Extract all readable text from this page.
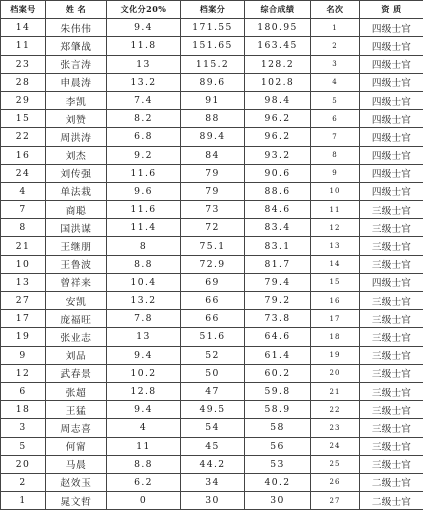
档案号	姓 名	文化分20%	档案分	综合成绩	名次	资 质
14	朱伟伟	9.4	171.55	180.95	1	四级士官
11	郑肇战	11.8	151.65	163.45	2	四级士官
23	张言涛	13	115.2	128.2	3	四级士官
28	申晨涛	13.2	89.6	102.8	4	四级士官
29	李凯	7.4	91	98.4	5	四级士官
15	刘赞	8.2	88	96.2	6	四级士官
22	周洪涛	6.8	89.4	96.2	7	四级士官
16	刘杰	9.2	84	93.2	8	四级士官
24	刘传强	11.6	79	90.6	9	四级士官
4	单法栽	9.6	79	88.6	10	四级士官
7	商聪	11.6	73	84.6	11	三级士官
8	国洪谋	11.4	72	83.4	12	三级士官
21	王继朋	8	75.1	83.1	13	三级士官
10	王鲁波	8.8	72.9	81.7	14	三级士官
13	曾祥来	10.4	69	79.4	15	四级士官
27	安凯	13.2	66	79.2	16	三级士官
17	庞福旺	7.8	66	73.8	17	三级士官
19	张业志	13	51.6	64.6	18	三级士官
9	刘品	9.4	52	61.4	19	三级士官
12	武春景	10.2	50	60.2	20	三级士官
6	张超	12.8	47	59.8	21	三级士官
18	王猛	9.4	49.5	58.9	22	三级士官
3	周志喜	4	54	58	23	三级士官
5	何甯	11	45	56	24	三级士官
20	马晨	8.8	44.2	53	25	三级士官
2	赵效玉	6.2	34	40.2	26	二级士官
1	晁文哲	0	30	30	27	二级士官
